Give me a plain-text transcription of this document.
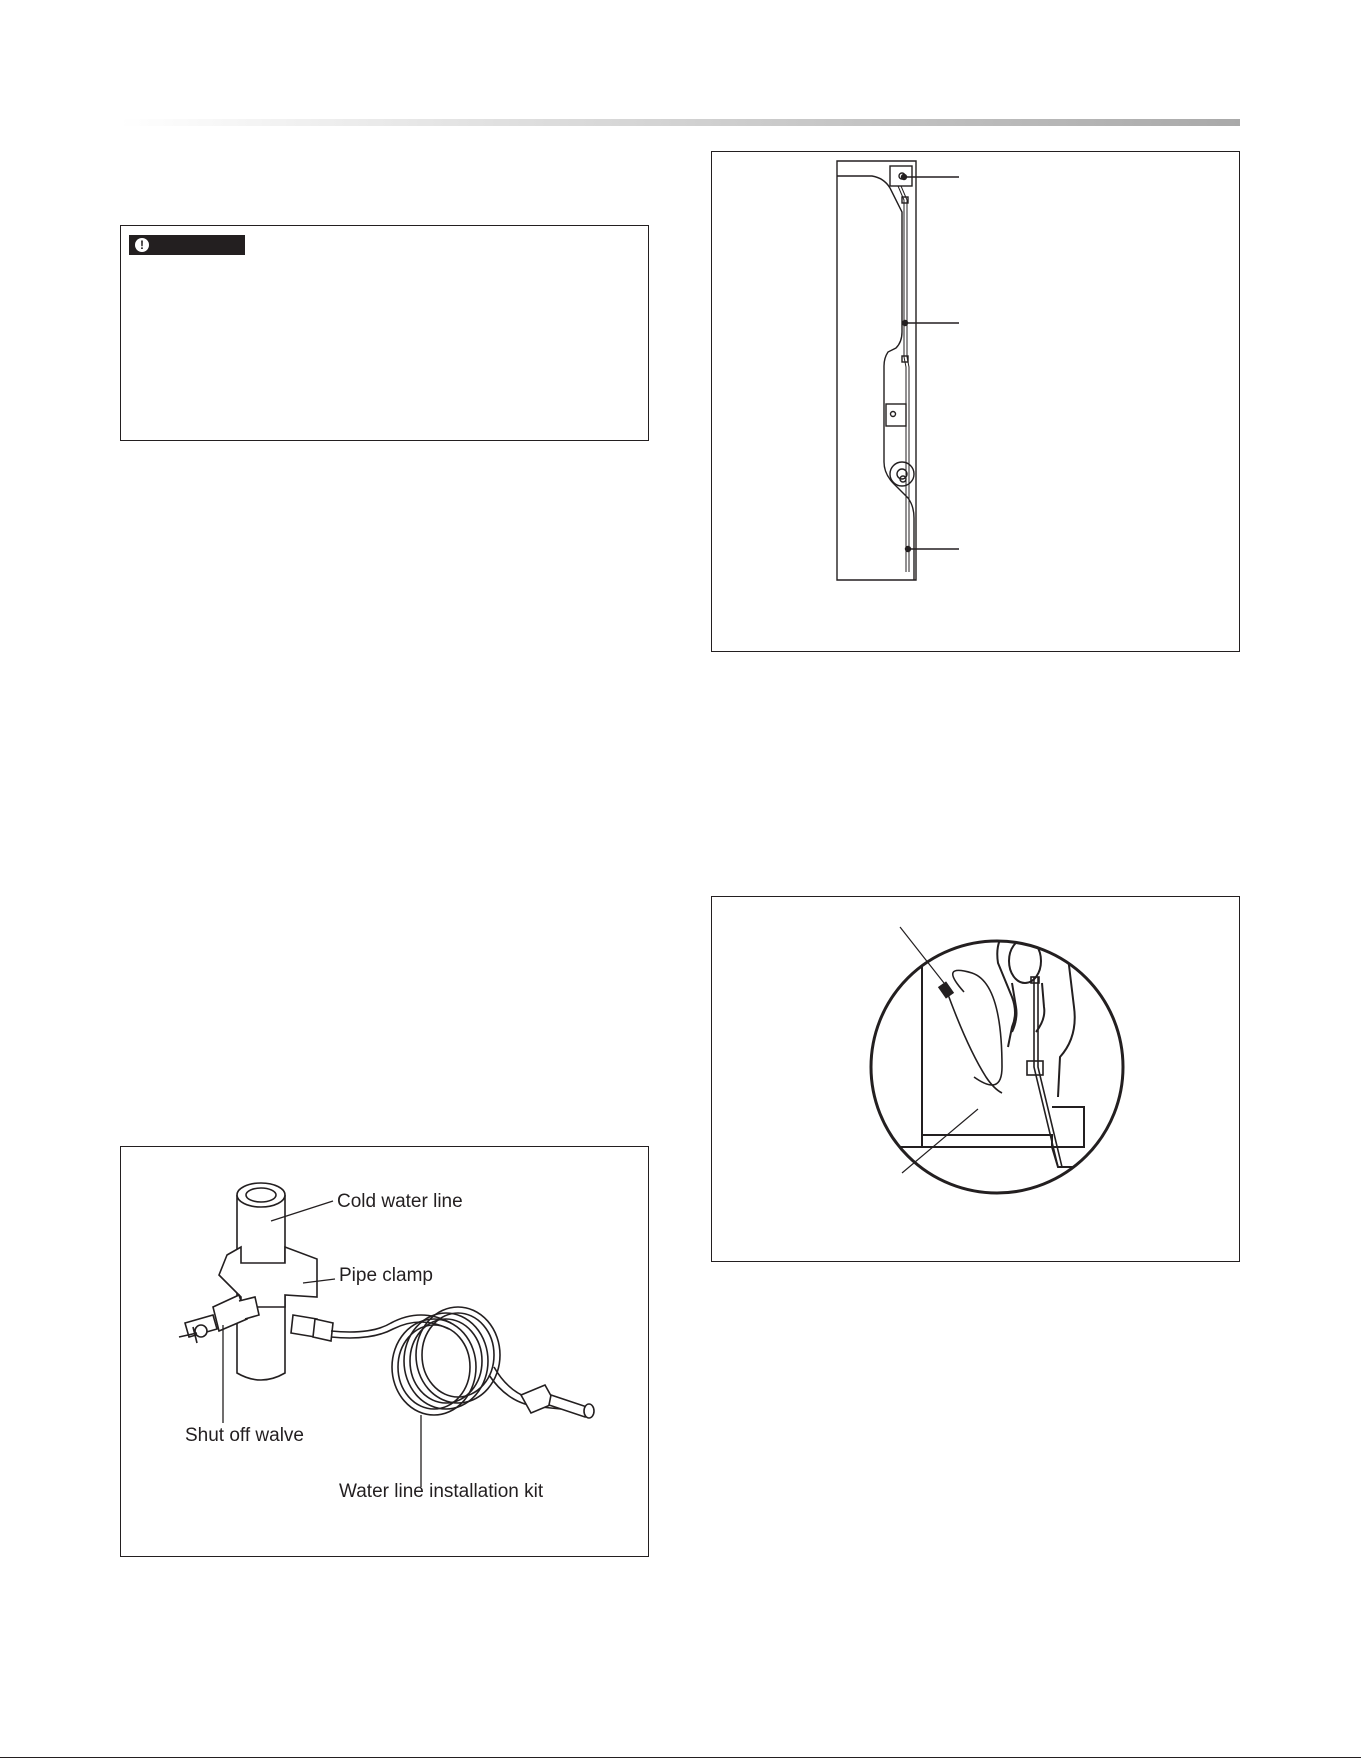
!
Cold water line
Pipe clamp
Shut off walve
Water line installation kit
